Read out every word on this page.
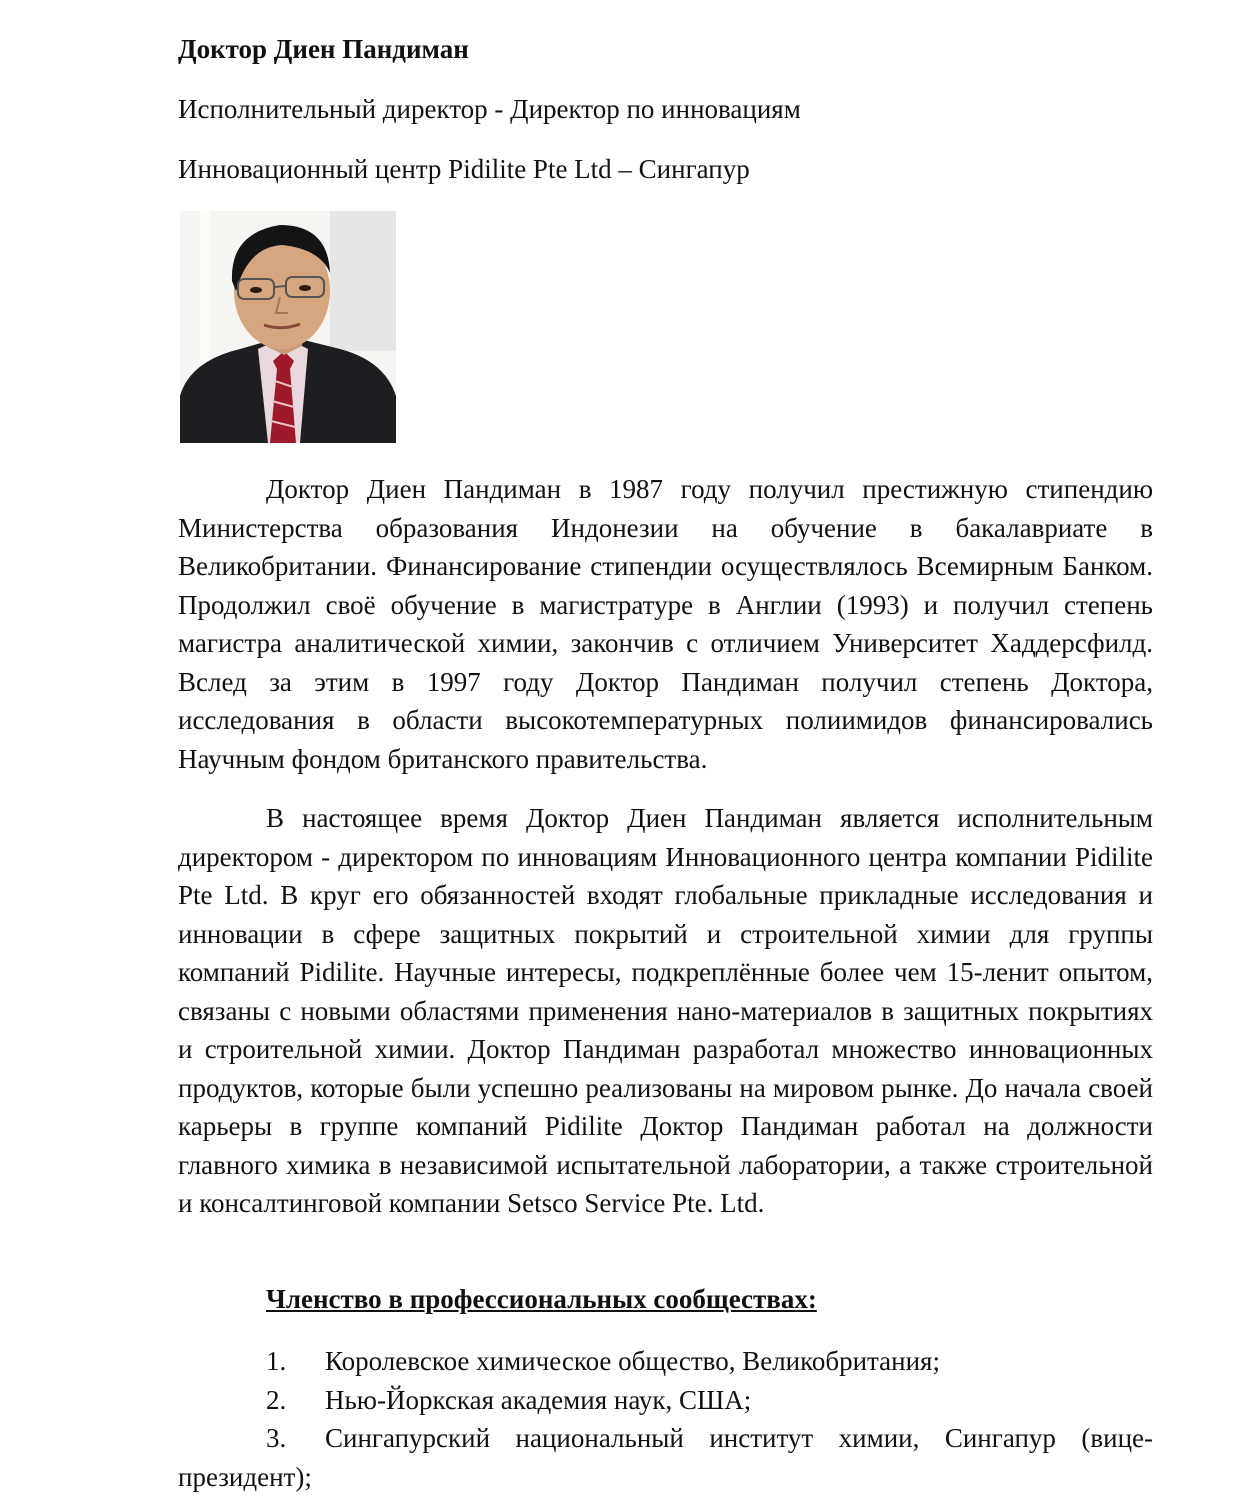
Доктор Диен Пандиман
Исполнительный директор - Директор по инновациям
Инновационный центр Pidilite Pte Ltd – Сингапур

Доктор Диен Пандиман в 1987 году получил престижную стипендию Министерства образования Индонезии на обучение в бакалавриате в Великобритании. Финансирование стипендии осуществлялось Всемирным Банком. Продолжил своё обучение в магистратуре в Англии (1993) и получил степень магистра аналитической химии, закончив с отличием Университет Хаддерсфилд. Вслед за этим в 1997 году Доктор Пандиман получил степень Доктора, исследования в области высокотемпературных полиимидов финансировались Научным фондом британского правительства.

В настоящее время Доктор Диен Пандиман является исполнительным директором - директором по инновациям Инновационного центра компании Pidilite Pte Ltd. В круг его обязанностей входят глобальные прикладные исследования и инновации в сфере защитных покрытий и строительной химии для группы компаний Pidilite. Научные интересы, подкреплённые более чем 15-ленит опытом, связаны с новыми областями применения нано-материалов в защитных покрытиях и строительной химии. Доктор Пандиман разработал множество инновационных продуктов, которые были успешно реализованы на мировом рынке. До начала своей карьеры в группе компаний Pidilite Доктор Пандиман работал на должности главного химика в независимой испытательной лаборатории, а также строительной и консалтинговой компании Setsco Service Pte. Ltd.

Членство в профессиональных сообществах:
1. Королевское химическое общество, Великобритания;
2. Нью-Йоркская академия наук, США;
3. Сингапурский национальный институт химии, Сингапур (вице-президент);
